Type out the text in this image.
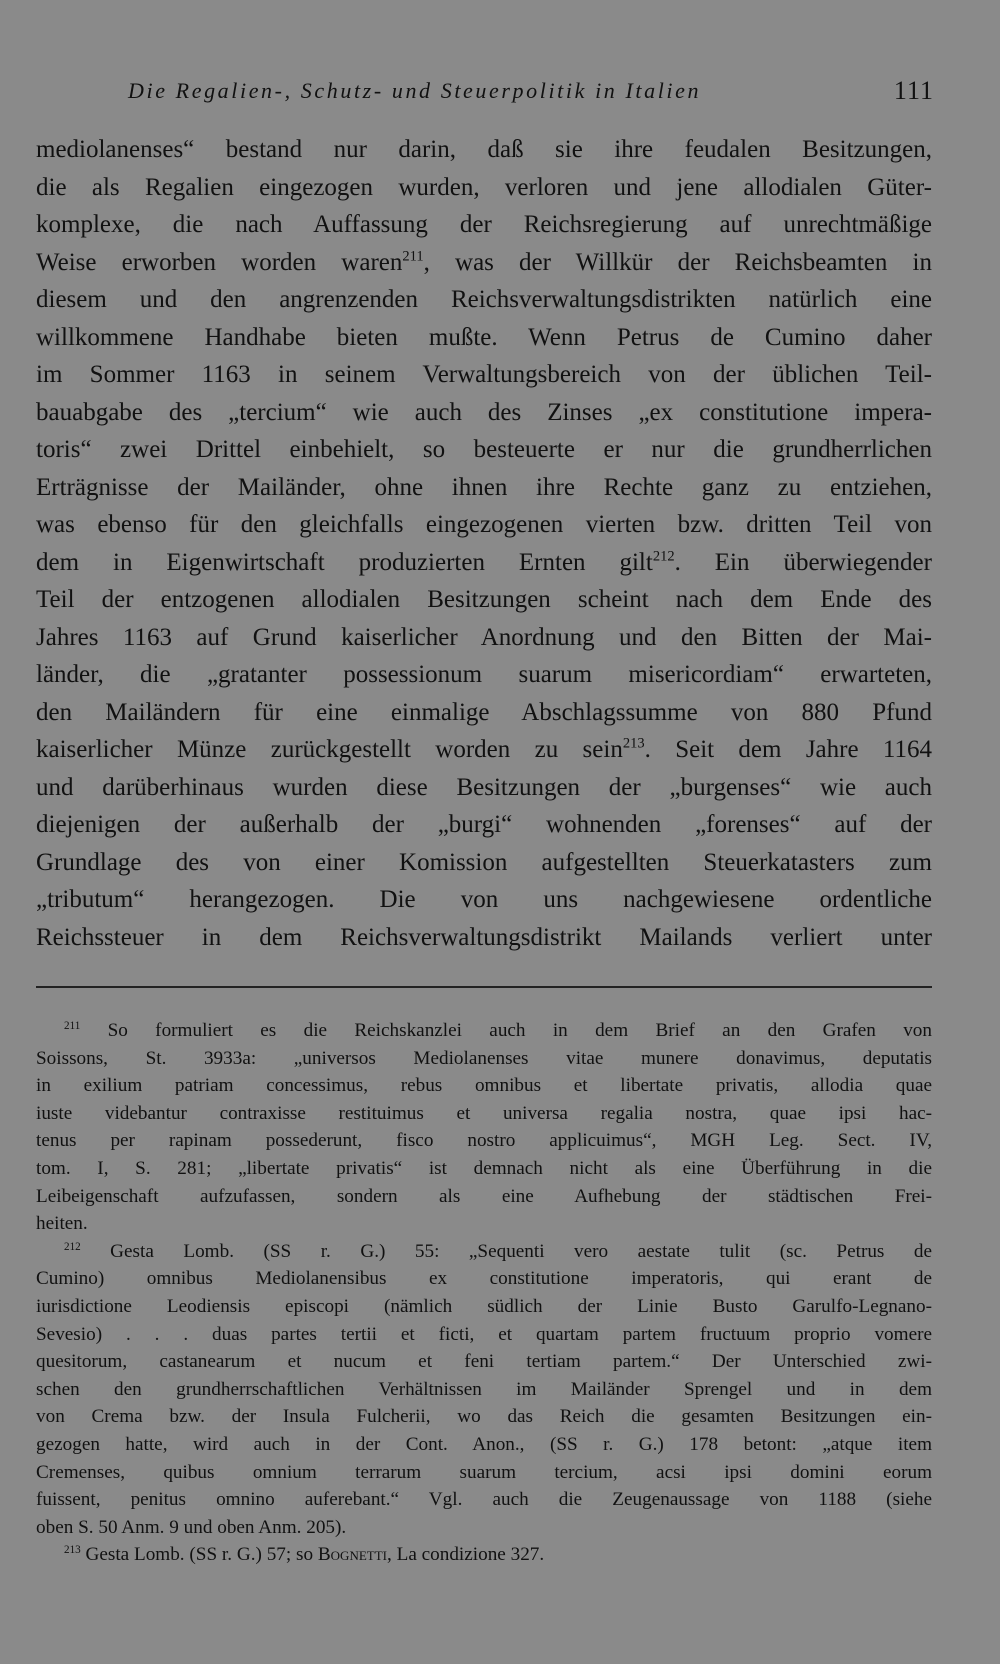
Die Regalien-, Schutz- und Steuerpolitik in Italien	111
mediolanenses“ bestand nur darin, daß sie ihre feudalen Besitzungen,
die als Regalien eingezogen wurden, verloren und jene allodialen Güter-
komplexe, die nach Auffassung der Reichsregierung auf unrechtmäßige
Weise erworben worden waren$^{211}$, was der Willkür der Reichsbeamten in
diesem und den angrenzenden Reichsverwaltungsdistrikten natürlich eine
willkommene Handhabe bieten mußte. Wenn Petrus de Cumino daher
im Sommer 1163 in seinem Verwaltungsbereich von der üblichen Teil-
bauabgabe des „tercium“ wie auch des Zinses „ex constitutione impera-
toris“ zwei Drittel einbehielt, so besteuerte er nur die grundherrlichen
Erträgnisse der Mailänder, ohne ihnen ihre Rechte ganz zu entziehen,
was ebenso für den gleichfalls eingezogenen vierten bzw. dritten Teil von
dem in Eigenwirtschaft produzierten Ernten gilt$^{212}$. Ein überwiegender
Teil der entzogenen allodialen Besitzungen scheint nach dem Ende des
Jahres 1163 auf Grund kaiserlicher Anordnung und den Bitten der Mai-
länder, die „gratanter possessionum suarum misericordiam“ erwarteten,
den Mailändern für eine einmalige Abschlagssumme von 880 Pfund
kaiserlicher Münze zurückgestellt worden zu sein$^{213}$. Seit dem Jahre 1164
und darüberhinaus wurden diese Besitzungen der „burgenses“ wie auch
diejenigen der außerhalb der „burgi“ wohnenden „forenses“ auf der
Grundlage des von einer Komission aufgestellten Steuerkatasters zum
„tributum“ herangezogen. Die von uns nachgewiesene ordentliche
Reichssteuer in dem Reichsverwaltungsdistrikt Mailands verliert unter
$^{211}$ So formuliert es die Reichskanzlei auch in dem Brief an den Grafen von
Soissons, St. 3933a: „universos Mediolanenses vitae munere donavimus, deputatis
in exilium patriam concessimus, rebus omnibus et libertate privatis, allodia quae
iuste videbantur contraxisse restituimus et universa regalia nostra, quae ipsi hac-
tenus per rapinam possederunt, fisco nostro applicuimus“, MGH Leg. Sect. IV,
tom. I, S. 281; „libertate privatis“ ist demnach nicht als eine Überführung in die
Leibeigenschaft aufzufassen, sondern als eine Aufhebung der städtischen Frei-
heiten.
$^{212}$ Gesta Lomb. (SS r. G.) 55: „Sequenti vero aestate tulit (sc. Petrus de
Cumino) omnibus Mediolanensibus ex constitutione imperatoris, qui erant de
iurisdictione Leodiensis episcopi (nämlich südlich der Linie Busto Garulfo-Legnano-
Sevesio) . . . duas partes tertii et ficti, et quartam partem fructuum proprio vomere
quesitorum, castanearum et nucum et feni tertiam partem.“ Der Unterschied zwi-
schen den grundherrschaftlichen Verhältnissen im Mailänder Sprengel und in dem
von Crema bzw. der Insula Fulcherii, wo das Reich die gesamten Besitzungen ein-
gezogen hatte, wird auch in der Cont. Anon., (SS r. G.) 178 betont: „atque item
Cremenses, quibus omnium terrarum suarum tercium, acsi ipsi domini eorum
fuissent, penitus omnino auferebant.“ Vgl. auch die Zeugenaussage von 1188 (siehe
oben S. 50 Anm. 9 und oben Anm. 205).
$^{213}$ Gesta Lomb. (SS r. G.) 57; so Bognetti, La condizione 327.
